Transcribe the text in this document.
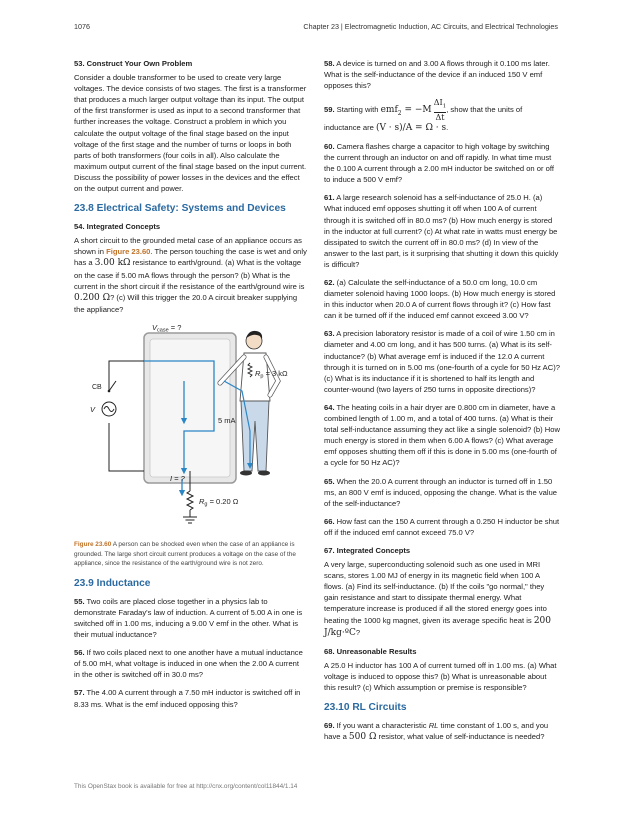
1076	Chapter 23 | Electromagnetic Induction, AC Circuits, and Electrical Technologies

53. Construct Your Own Problem

Consider a double transformer to be used to create very large voltages. The device consists of two stages. The first is a transformer that produces a much larger output voltage than its input. The output of the first transformer is used as input to a second transformer that further increases the voltage. Construct a problem in which you calculate the output voltage of the final stage based on the input voltage of the first stage and the number of turns or loops in both parts of both transformers (four coils in all). Also calculate the maximum output current of the final stage based on the input current. Discuss the possibility of power losses in the devices and the effect on the output current and power.

23.8 Electrical Safety: Systems and Devices

54. Integrated Concepts

A short circuit to the grounded metal case of an appliance occurs as shown in Figure 23.60. The person touching the case is wet and only has a 3.00 kΩ resistance to earth/ground. (a) What is the voltage on the case if 5.00 mA flows through the person? (b) What is the current in the short circuit if the resistance of the earth/ground wire is 0.200 Ω? (c) Will this trigger the 20.0 A circuit breaker supplying the appliance?

CB
V
I = ?
$R_g = 0.20$ Ω
$V_{case}$ = ?
$R_p = 3$ kΩ
5 mA
Figure 23.60 A person can be shocked even when the case of an appliance is grounded. The large short circuit current produces a voltage on the case of the appliance, since the resistance of the earth/ground wire is not zero.
23.9 Inductance

55. Two coils are placed close together in a physics lab to demonstrate Faraday's law of induction. A current of 5.00 A in one is switched off in 1.00 ms, inducing a 9.00 V emf in the other. What is their mutual inductance?

56. If two coils placed next to one another have a mutual inductance of 5.00 mH, what voltage is induced in one when the 2.00 A current in the other is switched off in 30.0 ms?

57. The 4.00 A current through a 7.50 mH inductor is switched off in 8.33 ms. What is the emf induced opposing this?

58. A device is turned on and 3.00 A flows through it 0.100 ms later. What is the self-inductance of the device if an induced 150 V emf opposes this?

59. Starting with $emf_2 = -M \frac{\Delta I_1}{\Delta t}$ , show that the units of inductance are (V · s)/A = Ω · s.

60. Camera flashes charge a capacitor to high voltage by switching the current through an inductor on and off rapidly. In what time must the 0.100 A current through a 2.00 mH inductor be switched on or off to induce a 500 V emf?

61. A large research solenoid has a self-inductance of 25.0 H. (a) What induced emf opposes shutting it off when 100 A of current through it is switched off in 80.0 ms? (b) How much energy is stored in the inductor at full current? (c) At what rate in watts must energy be dissipated to switch the current off in 80.0 ms? (d) In view of the answer to the last part, is it surprising that shutting it down this quickly is difficult?

62. (a) Calculate the self-inductance of a 50.0 cm long, 10.0 cm diameter solenoid having 1000 loops. (b) How much energy is stored in this inductor when 20.0 A of current flows through it? (c) How fast can it be turned off if the induced emf cannot exceed 3.00 V?

63. A precision laboratory resistor is made of a coil of wire 1.50 cm in diameter and 4.00 cm long, and it has 500 turns. (a) What is its self-inductance? (b) What average emf is induced if the 12.0 A current through it is turned on in 5.00 ms (one-fourth of a cycle for 50 Hz AC)? (c) What is its inductance if it is shortened to half its length and counter-wound (two layers of 250 turns in opposite directions)?

64. The heating coils in a hair dryer are 0.800 cm in diameter, have a combined length of 1.00 m, and a total of 400 turns. (a) What is their total self-inductance assuming they act like a single solenoid? (b) How much energy is stored in them when 6.00 A flows? (c) What average emf opposes shutting them off if this is done in 5.00 ms (one-fourth of a cycle for 50 Hz AC)?

65. When the 20.0 A current through an inductor is turned off in 1.50 ms, an 800 V emf is induced, opposing the change. What is the value of the self-inductance?

66. How fast can the 150 A current through a 0.250 H inductor be shut off if the induced emf cannot exceed 75.0 V?

67. Integrated Concepts

A very large, superconducting solenoid such as one used in MRI scans, stores 1.00 MJ of energy in its magnetic field when 100 A flows. (a) Find its self-inductance. (b) If the coils "go normal," they gain resistance and start to dissipate thermal energy. What temperature increase is produced if all the stored energy goes into heating the 1000 kg magnet, given its average specific heat is 200 J/kg·ºC?

68. Unreasonable Results

A 25.0 H inductor has 100 A of current turned off in 1.00 ms. (a) What voltage is induced to oppose this? (b) What is unreasonable about this result? (c) Which assumption or premise is responsible?

23.10 RL Circuits

69. If you want a characteristic RL time constant of 1.00 s, and you have a 500 Ω resistor, what value of self-inductance is needed?

This OpenStax book is available for free at http://cnx.org/content/col11844/1.14
